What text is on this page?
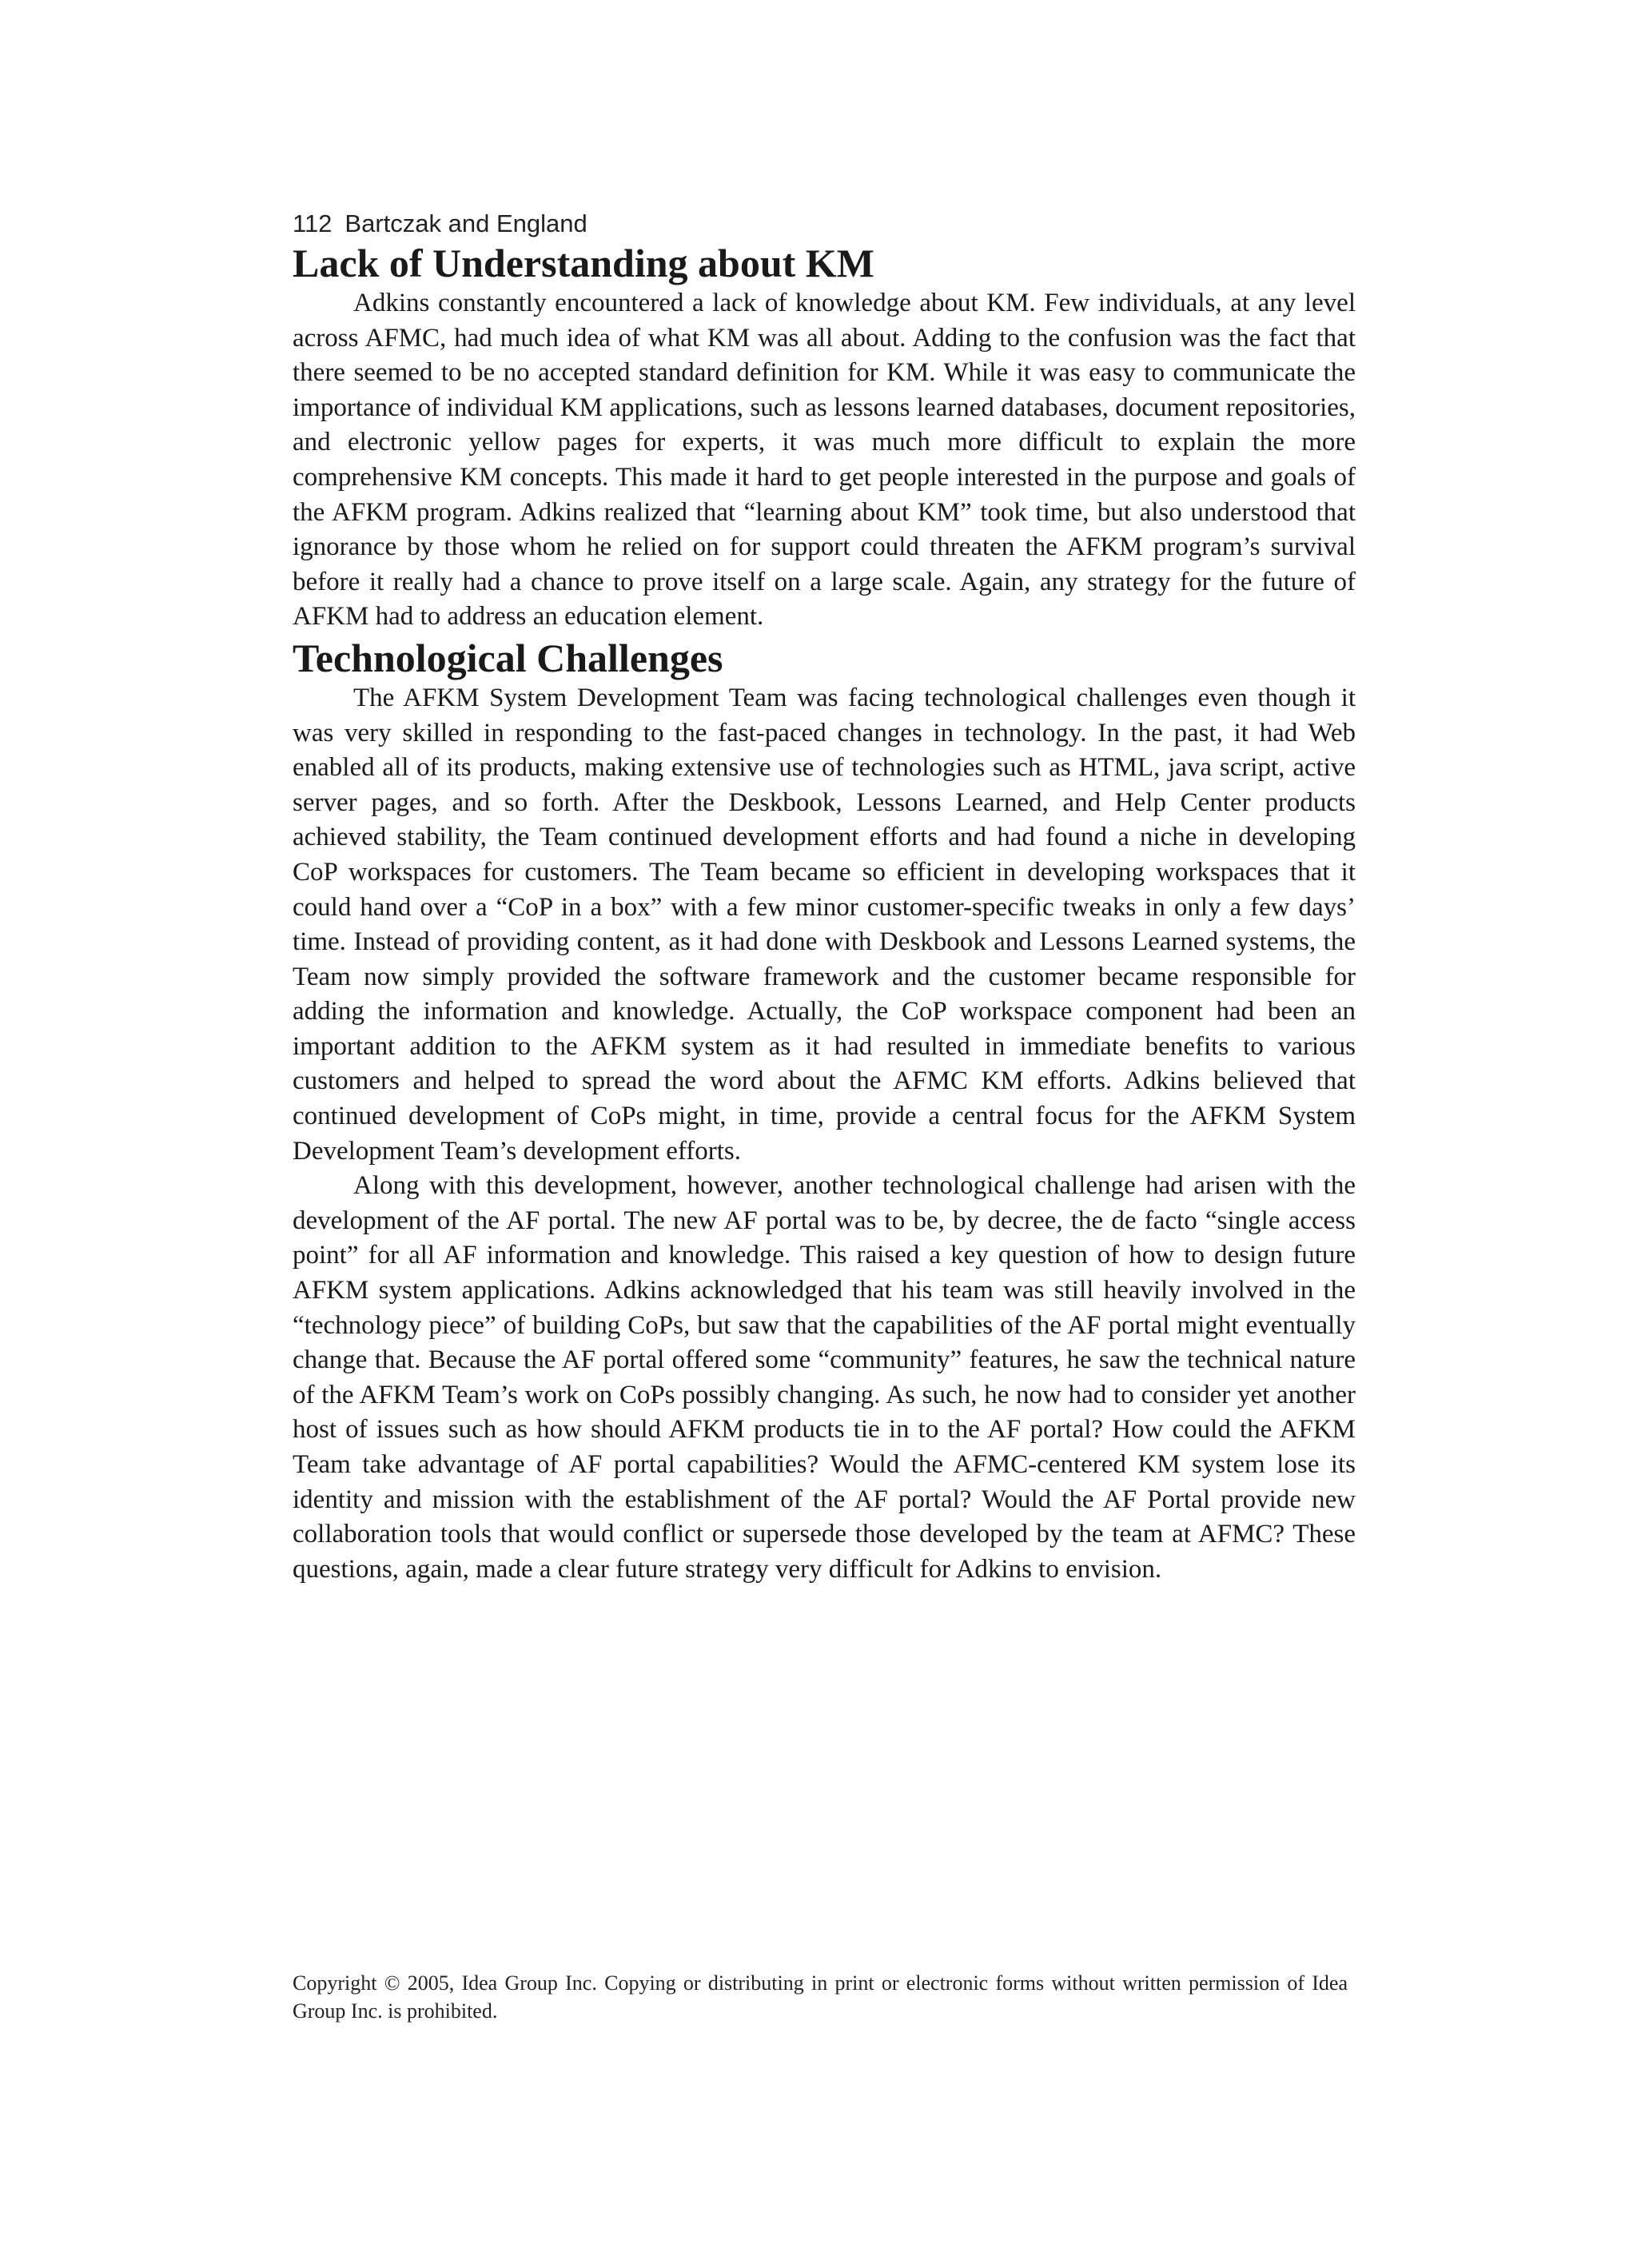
112 Bartczak and England

Lack of Understanding about KM

Adkins constantly encountered a lack of knowledge about KM. Few individuals, at any level across AFMC, had much idea of what KM was all about. Adding to the confusion was the fact that there seemed to be no accepted standard definition for KM. While it was easy to communicate the importance of individual KM applications, such as lessons learned databases, document repositories, and electronic yellow pages for experts, it was much more difficult to explain the more comprehensive KM concepts. This made it hard to get people interested in the purpose and goals of the AFKM program. Adkins realized that “learning about KM” took time, but also understood that ignorance by those whom he relied on for support could threaten the AFKM program’s survival before it really had a chance to prove itself on a large scale. Again, any strategy for the future of AFKM had to address an education element.

Technological Challenges

The AFKM System Development Team was facing technological challenges even though it was very skilled in responding to the fast-paced changes in technology. In the past, it had Web enabled all of its products, making extensive use of technologies such as HTML, java script, active server pages, and so forth. After the Deskbook, Lessons Learned, and Help Center products achieved stability, the Team continued development efforts and had found a niche in developing CoP workspaces for customers. The Team became so efficient in developing workspaces that it could hand over a “CoP in a box” with a few minor customer-specific tweaks in only a few days’ time. Instead of providing content, as it had done with Deskbook and Lessons Learned systems, the Team now simply provided the software framework and the customer became responsible for adding the information and knowledge. Actually, the CoP workspace component had been an important addition to the AFKM system as it had resulted in immediate benefits to various customers and helped to spread the word about the AFMC KM efforts. Adkins believed that continued development of CoPs might, in time, provide a central focus for the AFKM System Development Team’s development efforts.

Along with this development, however, another technological challenge had arisen with the development of the AF portal. The new AF portal was to be, by decree, the de facto “single access point” for all AF information and knowledge. This raised a key question of how to design future AFKM system applications. Adkins acknowledged that his team was still heavily involved in the “technology piece” of building CoPs, but saw that the capabilities of the AF portal might eventually change that. Because the AF portal offered some “community” features, he saw the technical nature of the AFKM Team’s work on CoPs possibly changing. As such, he now had to consider yet another host of issues such as how should AFKM products tie in to the AF portal? How could the AFKM Team take advantage of AF portal capabilities? Would the AFMC-centered KM system lose its identity and mission with the establishment of the AF portal? Would the AF Portal provide new collaboration tools that would conflict or supersede those developed by the team at AFMC? These questions, again, made a clear future strategy very difficult for Adkins to envision.

Copyright © 2005, Idea Group Inc. Copying or distributing in print or electronic forms without written permission of Idea Group Inc. is prohibited.
